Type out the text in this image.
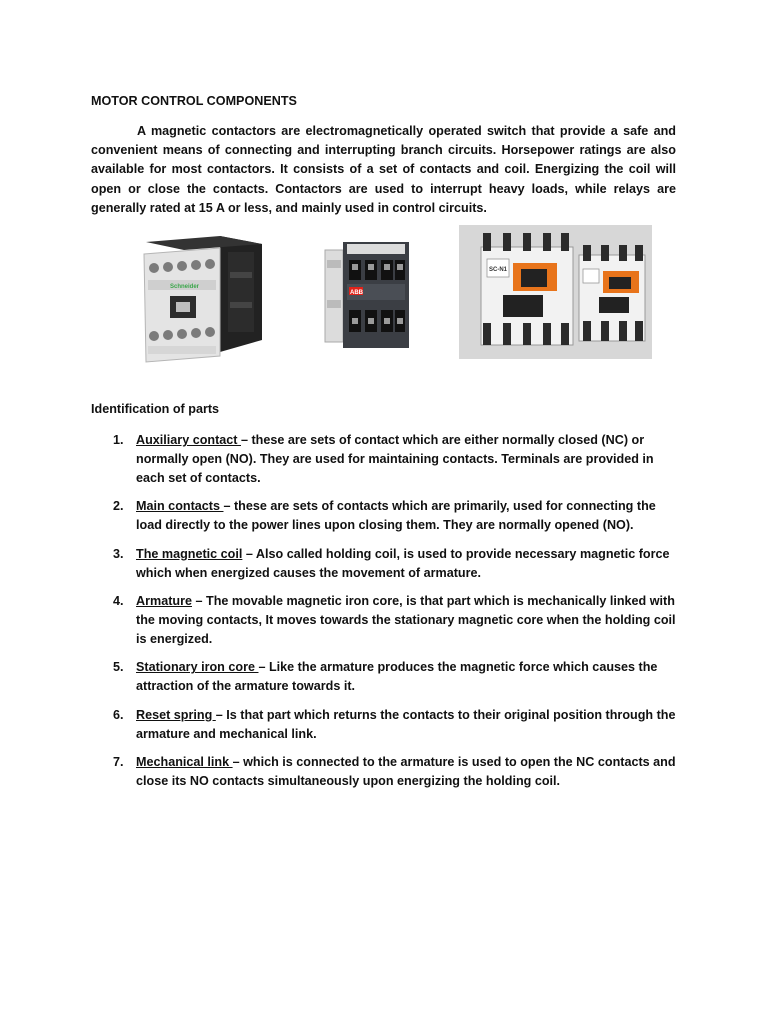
MOTOR CONTROL COMPONENTS
A magnetic contactors are electromagnetically operated switch that provide a safe and convenient means of connecting and interrupting branch circuits. Horsepower ratings are also available for most contactors. It consists of a set of contacts and coil. Energizing the coil will open or close the contacts. Contactors are used to interrupt heavy loads, while relays are generally rated at 15 A or less, and mainly used in control circuits.
Schneider
ABB
SC-N1
Identification of parts
1. Auxiliary contact – these are sets of contact which are either normally closed (NC) or normally open (NO). They are used for maintaining contacts. Terminals are provided in each set of contacts.
2. Main contacts – these are sets of contacts which are primarily, used for connecting the load directly to the power lines upon closing them. They are normally opened (NO).
3. The magnetic coil – Also called holding coil, is used to provide necessary magnetic force which when energized causes the movement of armature.
4. Armature – The movable magnetic iron core, is that part which is mechanically linked with the moving contacts, It moves towards the stationary magnetic core when the holding coil is energized.
5. Stationary iron core – Like the armature produces the magnetic force which causes the attraction of the armature towards it.
6. Reset spring – Is that part which returns the contacts to their original position through the armature and mechanical link.
7. Mechanical link – which is connected to the armature is used to open the NC contacts and close its NO contacts simultaneously upon energizing the holding coil.
